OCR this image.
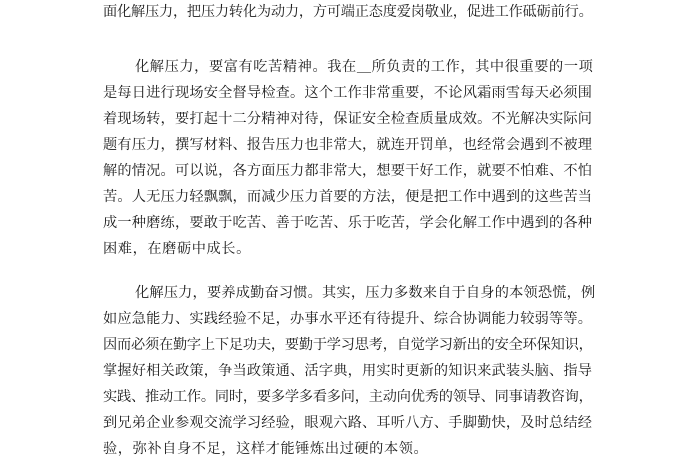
面化解压力，把压力转化为动力，方可端正态度爱岗敬业，促进工作砥砺前行。
化解压力，要富有吃苦精神。我在＿所负责的工作，其中很重要的一项
是每日进行现场安全督导检查。这个工作非常重要，不论风霜雨雪每天必须围
着现场转，要打起十二分精神对待，保证安全检查质量成效。不光解决实际问
题有压力，撰写材料、报告压力也非常大，就连开罚单，也经常会遇到不被理
解的情况。可以说，各方面压力都非常大，想要干好工作，就要不怕难、不怕
苦。人无压力轻飘飘，而减少压力首要的方法，便是把工作中遇到的这些苦当
成一种磨练，要敢于吃苦、善于吃苦、乐于吃苦，学会化解工作中遇到的各种
困难，在磨砺中成长。
化解压力，要养成勤奋习惯。其实，压力多数来自于自身的本领恐慌，例
如应急能力、实践经验不足，办事水平还有待提升、综合协调能力较弱等等。
因而必须在勤字上下足功夫，要勤于学习思考，自觉学习新出的安全环保知识，
掌握好相关政策，争当政策通、活字典，用实时更新的知识来武装头脑、指导
实践、推动工作。同时，要多学多看多问，主动向优秀的领导、同事请教咨询，
到兄弟企业参观交流学习经验，眼观六路、耳听八方、手脚勤快，及时总结经
验，弥补自身不足，这样才能锤炼出过硬的本领。
